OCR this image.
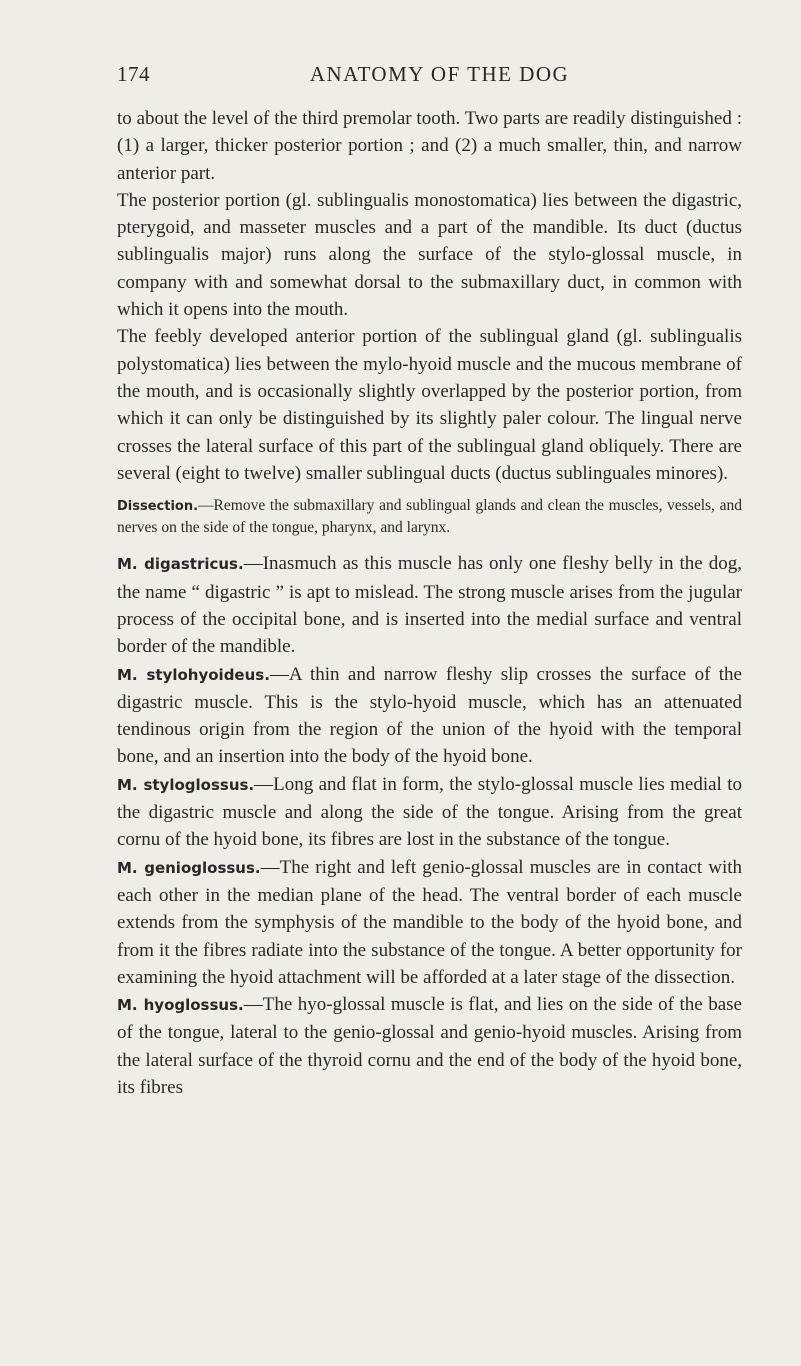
174	ANATOMY OF THE DOG

to about the level of the third premolar tooth. Two parts are readily distinguished : (1) a larger, thicker posterior portion ; and (2) a much smaller, thin, and narrow anterior part.

The posterior portion (gl. sublingualis monostomatica) lies between the digastric, pterygoid, and masseter muscles and a part of the mandible. Its duct (ductus sublingualis major) runs along the surface of the stylo-glossal muscle, in company with and somewhat dorsal to the submaxillary duct, in common with which it opens into the mouth.

The feebly developed anterior portion of the sublingual gland (gl. sublingualis polystomatica) lies between the mylo-hyoid muscle and the mucous membrane of the mouth, and is occasionally slightly overlapped by the posterior portion, from which it can only be distinguished by its slightly paler colour. The lingual nerve crosses the lateral surface of this part of the sublingual gland obliquely. There are several (eight to twelve) smaller sublingual ducts (ductus sublinguales minores).

Dissection.—Remove the submaxillary and sublingual glands and clean the muscles, vessels, and nerves on the side of the tongue, pharynx, and larynx.

M. digastricus.—Inasmuch as this muscle has only one fleshy belly in the dog, the name “ digastric ” is apt to mislead. The strong muscle arises from the jugular process of the occipital bone, and is inserted into the medial surface and ventral border of the mandible.

M. stylohyoideus.—A thin and narrow fleshy slip crosses the surface of the digastric muscle. This is the stylo-hyoid muscle, which has an attenuated tendinous origin from the region of the union of the hyoid with the temporal bone, and an insertion into the body of the hyoid bone.

M. styloglossus.—Long and flat in form, the stylo-glossal muscle lies medial to the digastric muscle and along the side of the tongue. Arising from the great cornu of the hyoid bone, its fibres are lost in the substance of the tongue.

M. genioglossus.—The right and left genio-glossal muscles are in contact with each other in the median plane of the head. The ventral border of each muscle extends from the symphysis of the mandible to the body of the hyoid bone, and from it the fibres radiate into the substance of the tongue. A better opportunity for examining the hyoid attachment will be afforded at a later stage of the dissection.

M. hyoglossus.—The hyo-glossal muscle is flat, and lies on the side of the base of the tongue, lateral to the genio-glossal and genio-hyoid muscles. Arising from the lateral surface of the thyroid cornu and the end of the body of the hyoid bone, its fibres
